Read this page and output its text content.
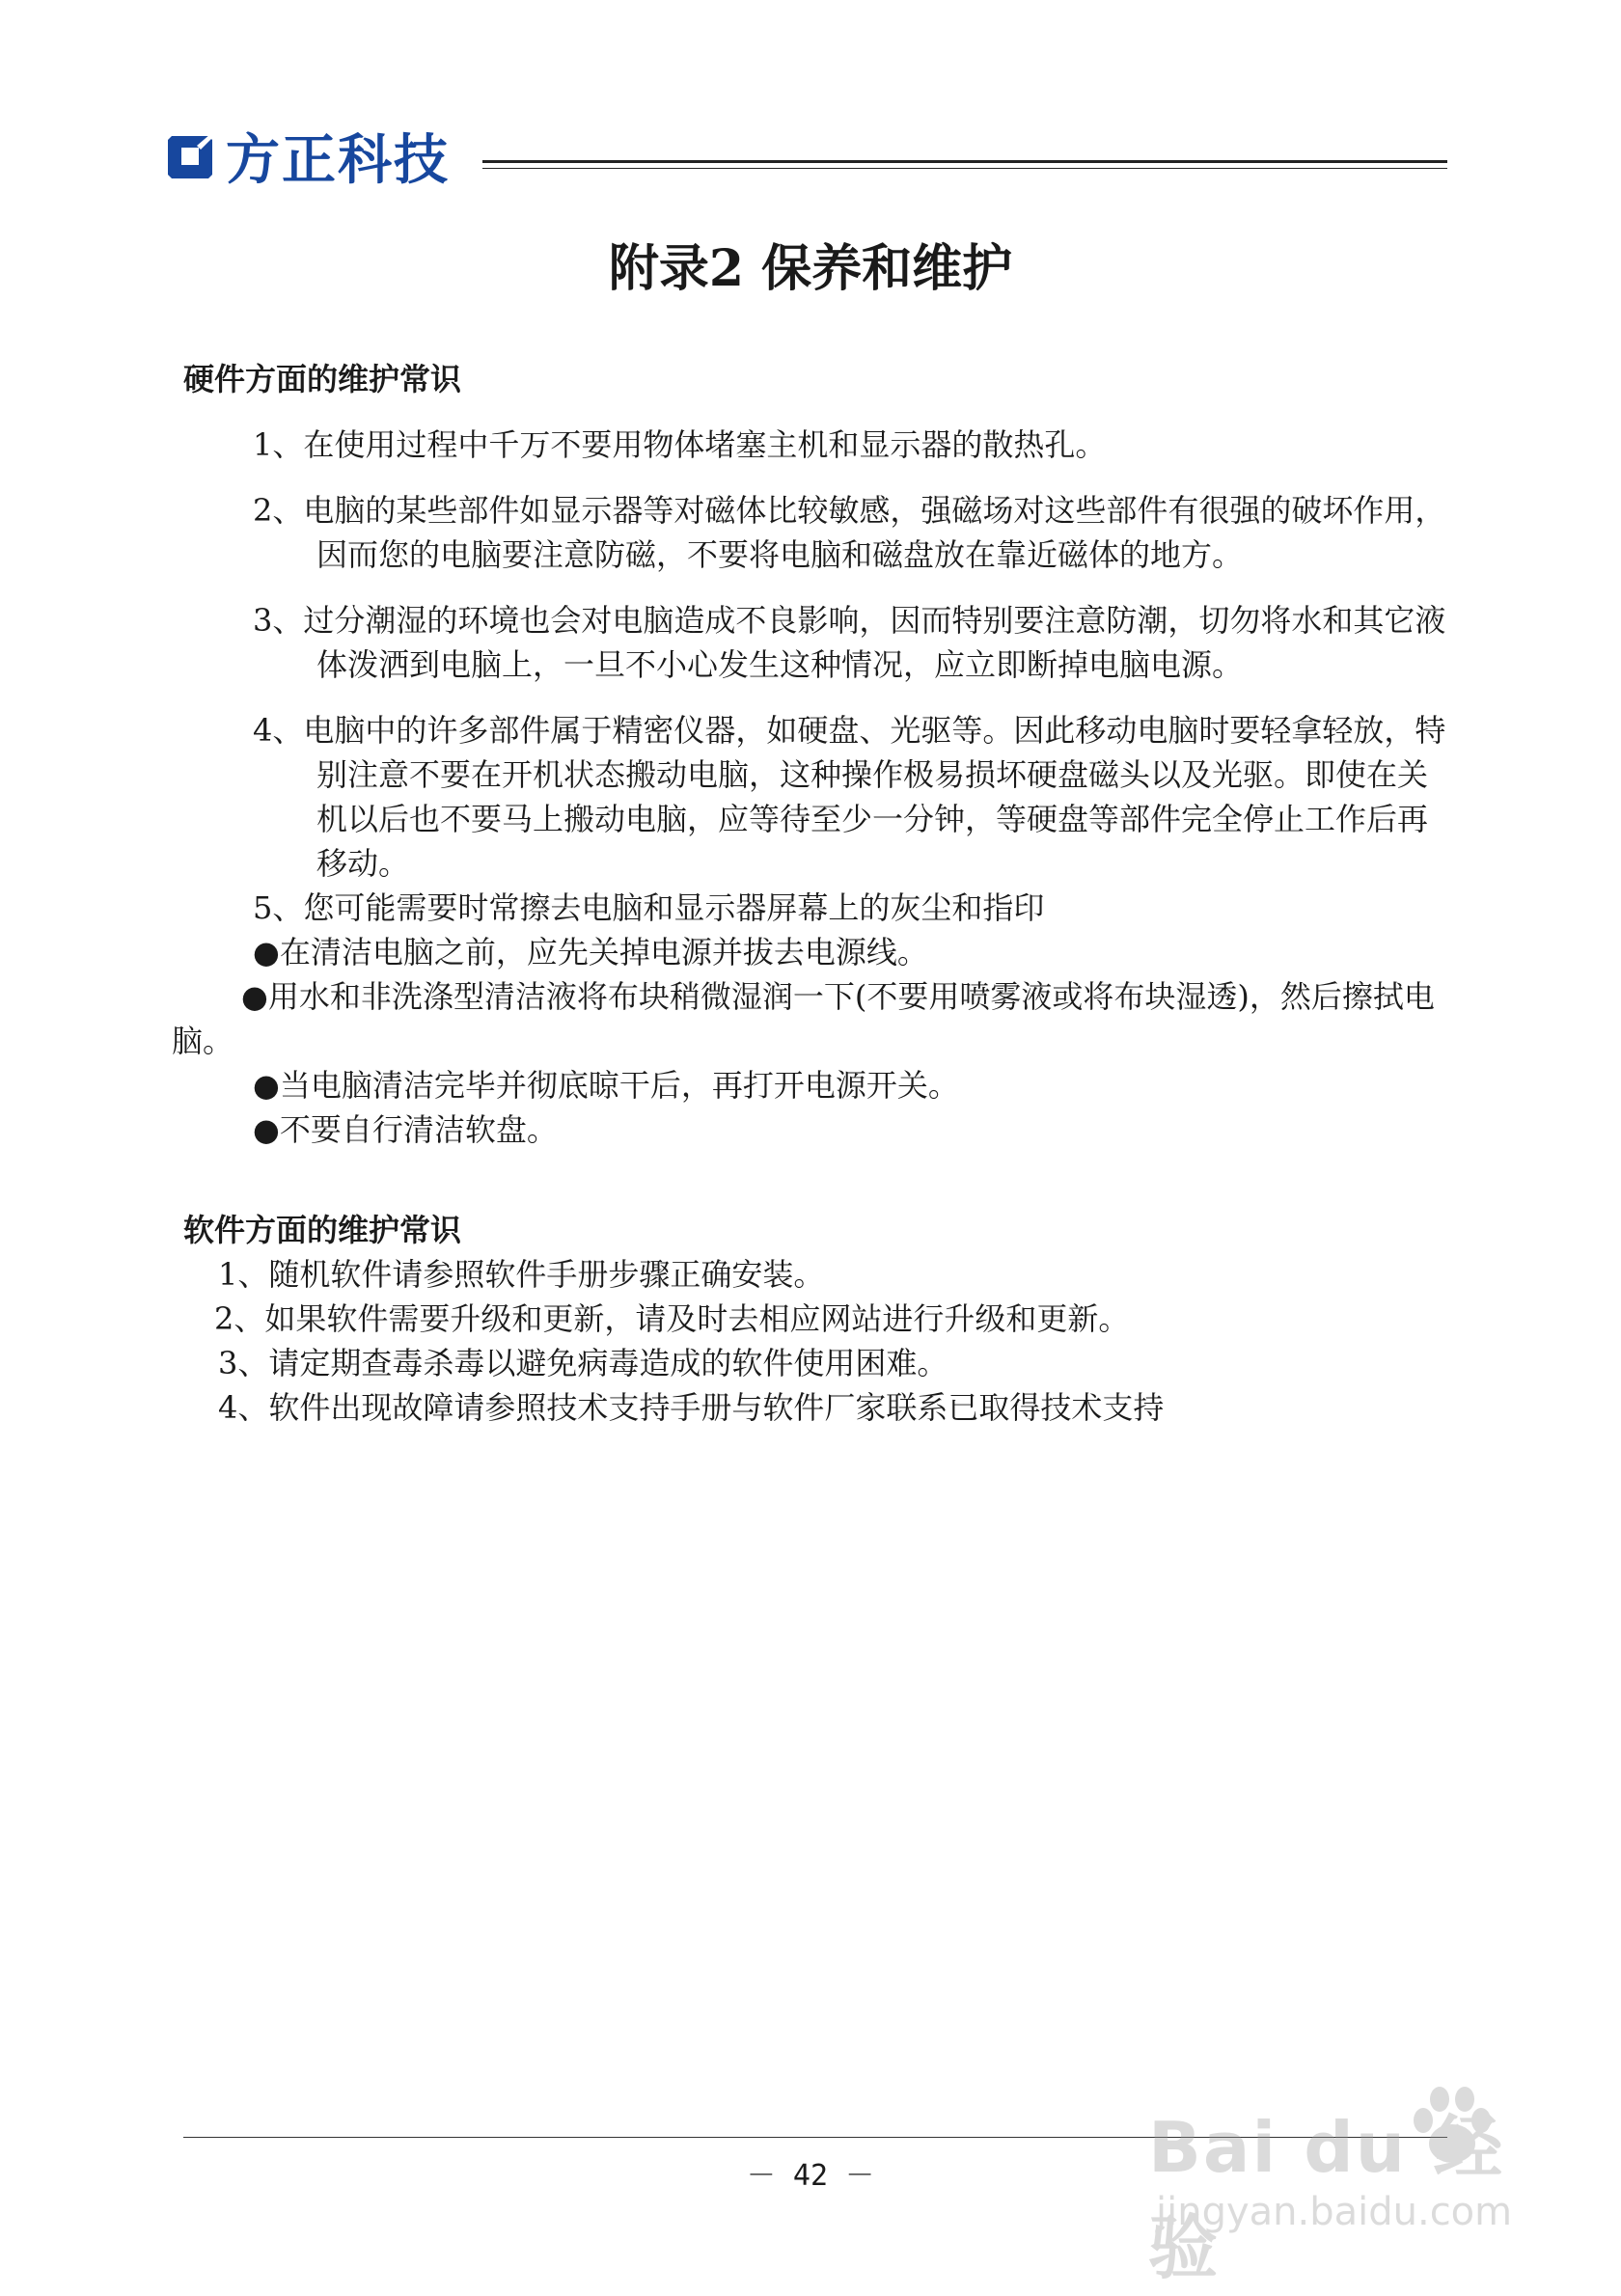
方正科技
附录2 保养和维护

硬件方面的维护常识

1、在使用过程中千万不要用物体堵塞主机和显示器的散热孔。

2、电脑的某些部件如显示器等对磁体比较敏感，强磁场对这些部件有很强的破坏作用，因而您的电脑要注意防磁，不要将电脑和磁盘放在靠近磁体的地方。

3、过分潮湿的环境也会对电脑造成不良影响，因而特别要注意防潮，切勿将水和其它液体泼洒到电脑上，一旦不小心发生这种情况，应立即断掉电脑电源。

4、电脑中的许多部件属于精密仪器，如硬盘、光驱等。因此移动电脑时要轻拿轻放，特别注意不要在开机状态搬动电脑，这种操作极易损坏硬盘磁头以及光驱。即使在关机以后也不要马上搬动电脑，应等待至少一分钟，等硬盘等部件完全停止工作后再移动。

5、您可能需要时常擦去电脑和显示器屏幕上的灰尘和指印

●在清洁电脑之前，应先关掉电源并拔去电源线。

●用水和非洗涤型清洁液将布块稍微湿润一下(不要用喷雾液或将布块湿透)，然后擦拭电脑。

●当电脑清洁完毕并彻底晾干后，再打开电源开关。

●不要自行清洁软盘。

软件方面的维护常识

1、随机软件请参照软件手册步骤正确安装。

2、如果软件需要升级和更新，请及时去相应网站进行升级和更新。

3、请定期查毒杀毒以避免病毒造成的软件使用困难。

4、软件出现故障请参照技术支持手册与软件厂家联系已取得技术支持

－ 42 －	Bai du 经验
jingyan.baidu.com
